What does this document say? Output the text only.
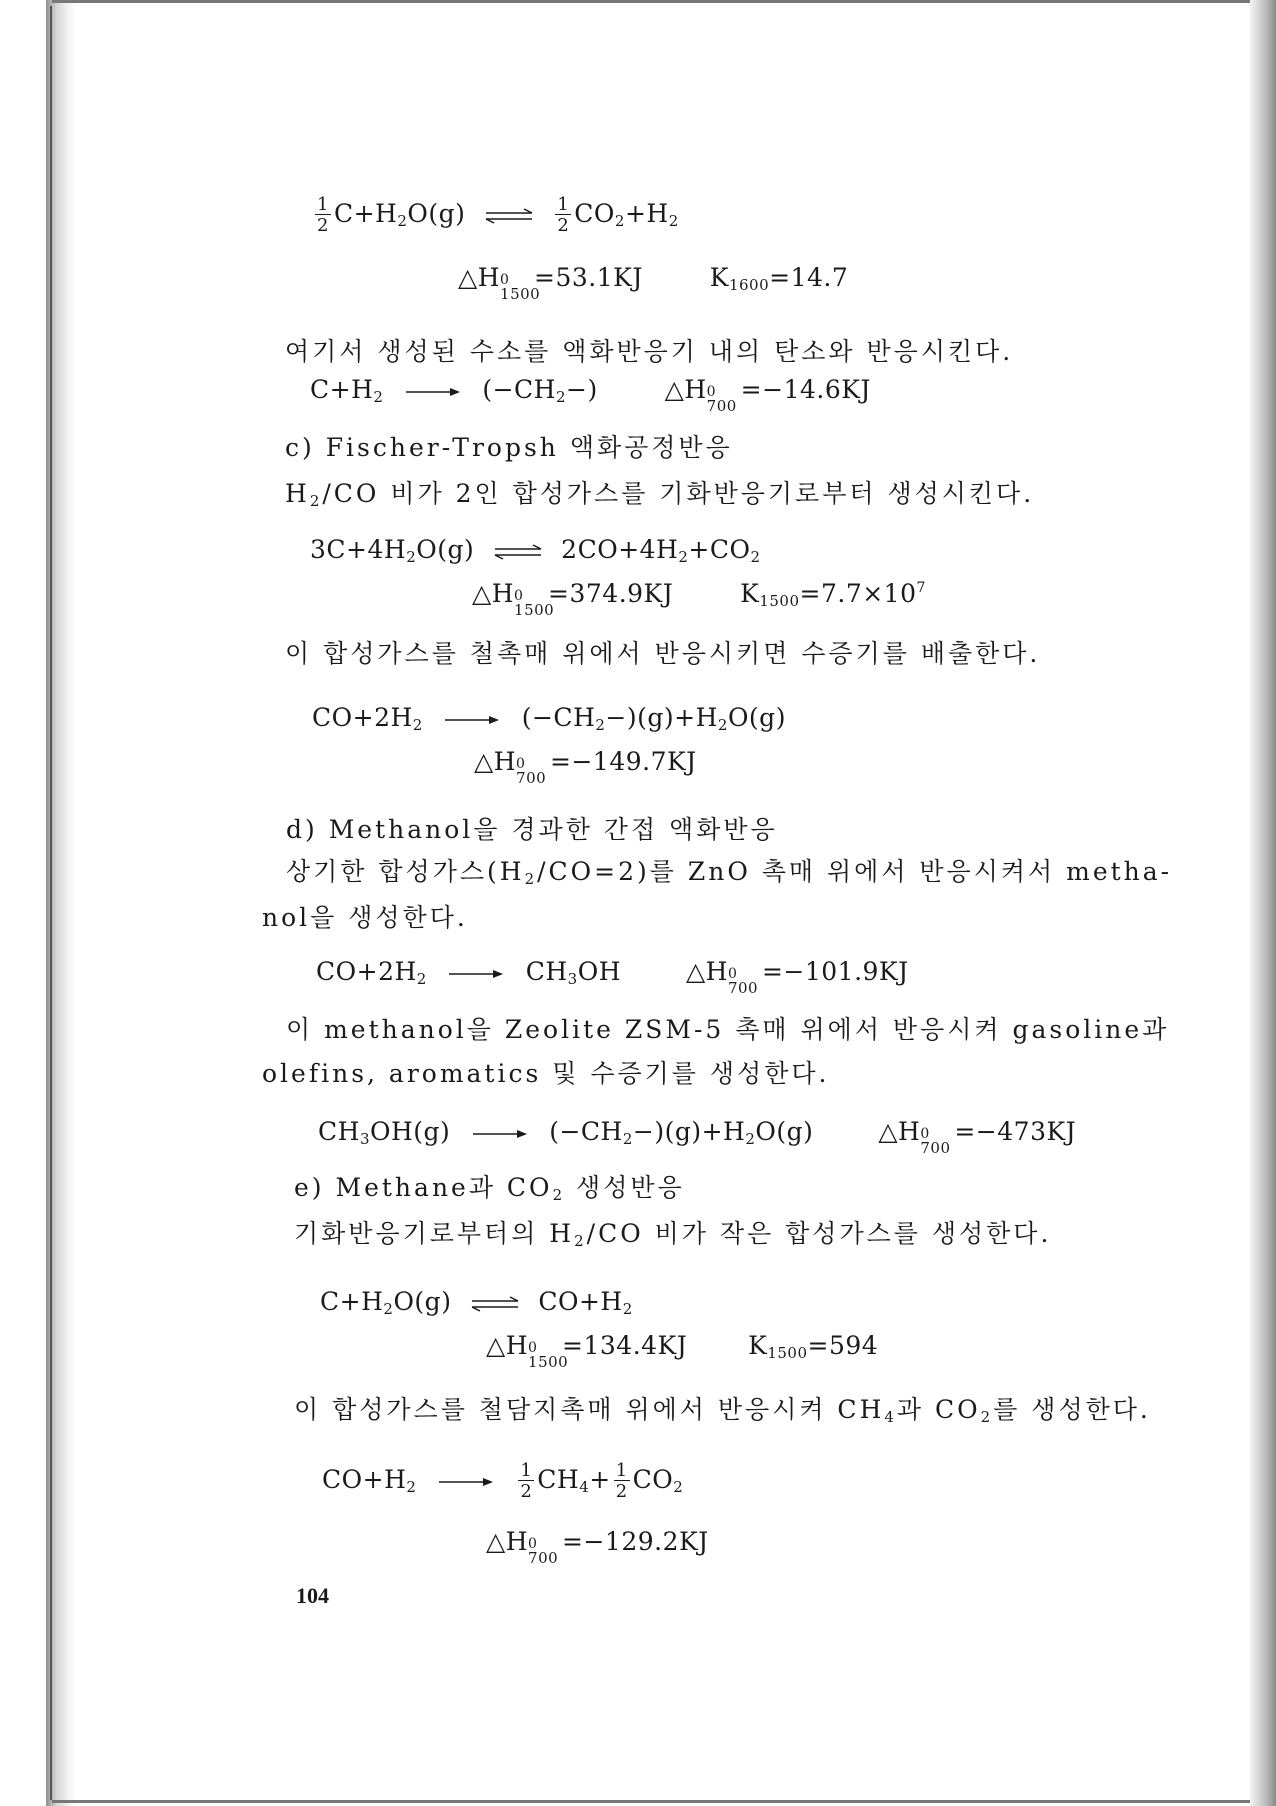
$\frac{1}{2} C+H_2O(g)$ ⇌ $\frac{1}{2} CO_2+H_2$
△H 0
1500
=53.1KJ	$K_{1600}=14.7$
여기서 생성된 수소를 액화반응기 내의 탄소와 반응시킨다.
$C+H_2 \to (-CH_2-)$	△H 0
700
=−14.6KJ
c) Fischer-Tropsh 액화공정반응
$H_2/CO$ 비가 2인 합성가스를 기화반응기로부터 생성시킨다.
$3C+4H_2O(g)$ ⇌ $2CO+4H_2+CO_2$
△H 0
1500
=374.9KJ	$K_{1500}=7.7\times 10^7$
이 합성가스를 철촉매 위에서 반응시키면 수증기를 배출한다.
$CO+2H_2 \to (-CH_2-)(g)+H_2O(g)$
△H 0
700
=−149.7KJ
d) Methanol을 경과한 간접 액화반응
상기한 합성가스$(H_2/CO=2)$를 ZnO 촉매 위에서 반응시켜서 metha-
nol을 생성한다.
$CO+2H_2 \to CH_3OH$	△H 0
700
=−101.9KJ
이 methanol을 Zeolite ZSM-5 촉매 위에서 반응시켜 gasoline과
olefins, aromatics 및 수증기를 생성한다.
$CH_3OH(g) \to (-CH_2-)(g)+H_2O(g)$	△H 0
700
=−473KJ
e) Methane과 $CO_2$ 생성반응
기화반응기로부터의 $H_2/CO$ 비가 작은 합성가스를 생성한다.
$C+H_2O(g)$ ⇌ $CO+H_2$
△H 0
1500
=134.4KJ $K_{1500}=594$
이 합성가스를 철담지촉매 위에서 반응시켜 $CH_4$과 $CO_2$를 생성한다.
$CO+H_2 \to \frac{1}{2} CH_4+ \frac{1}{2} CO_2$
△H 0
700
=−129.2KJ
104
